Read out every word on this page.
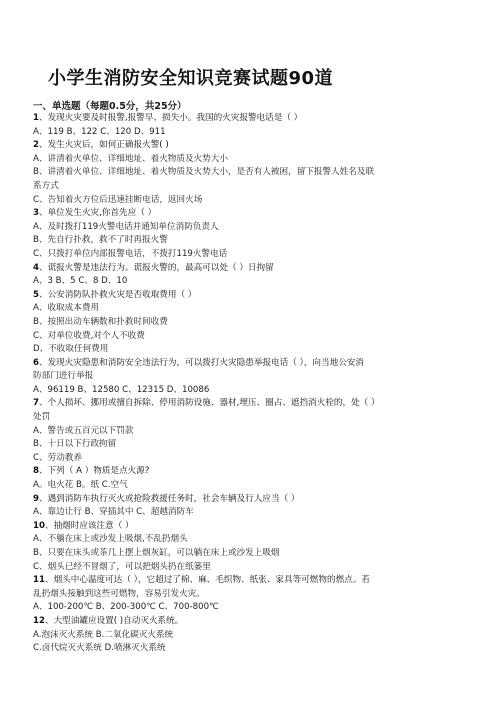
小学生消防安全知识竞赛试题90道
一、单选题（每题0.5分，共25分）
1、发现火灾要及时报警,报警早、损失小。我国的火灾报警电话是（ ）
A、119 B、122 C、120 D、911
2、发生火灾后，如何正确报火警( )
A、讲清着火单位、详细地址、着火物质及火势大小
B、讲清着火单位、详细地址、着火物质及火势大小，是否有人被困，留下报警人姓名及联
系方式
C、告知着火方位后迅速挂断电话，返回火场
3、单位发生火灾,你首先应（ ）
A、及时拨打119火警电话并通知单位消防负责人
B、先自行扑救，救不了时再报火警
C、只拨打单位内部报警电话，不拨打119火警电话
4、谎报火警是违法行为。谎报火警的，最高可以处（ ）日拘留
A、3 B、5 C、8 D、10
5、公安消防队扑救火灾是否收取费用（ ）
A、收取成本费用
B、按照出动车辆数和扑救时间收费
C、对单位收费,对个人不收费
D、不收取任何费用
6、发现火灾隐患和消防安全违法行为，可以拨打火灾隐患举报电话（ ），向当地公安消
防部门进行举报
A、96119 B、12580 C、12315 D、10086
7、个人损坏、挪用或擅自拆除、停用消防设施、器材,埋压、圈占、遮挡消火栓的，处（ ）
处罚
A、警告或五百元以下罚款
B、十日以下行政拘留
C、劳动教养
8、下列（ A ）物质是点火源?
A。电火花 B。纸 C.空气
9、遇到消防车执行灭火或抢险救援任务时，社会车辆及行人应当（ ）
A、靠边让行 B、穿插其中 C、超越消防车
10、抽烟时应该注意（ ）
A、不躺在床上或沙发上吸烟,不乱扔烟头
B、只要在床头或茶几上摆上烟灰缸，可以躺在床上或沙发上吸烟
C、烟头已经不冒烟了，可以把烟头扔在纸篓里
11、烟头中心温度可达（ ），它超过了棉、麻、毛织物、纸张、家具等可燃物的燃点。若
乱扔烟头接触到这些可燃物，容易引发火灾。
A、100-200℃ B、200-300℃ C、700-800℃
12、大型油罐应设置( )自动灭火系统。
A.泡沫灭火系统 B.二氧化碳灭火系统
C.卤代烷灭火系统 D.喷淋灭火系统
